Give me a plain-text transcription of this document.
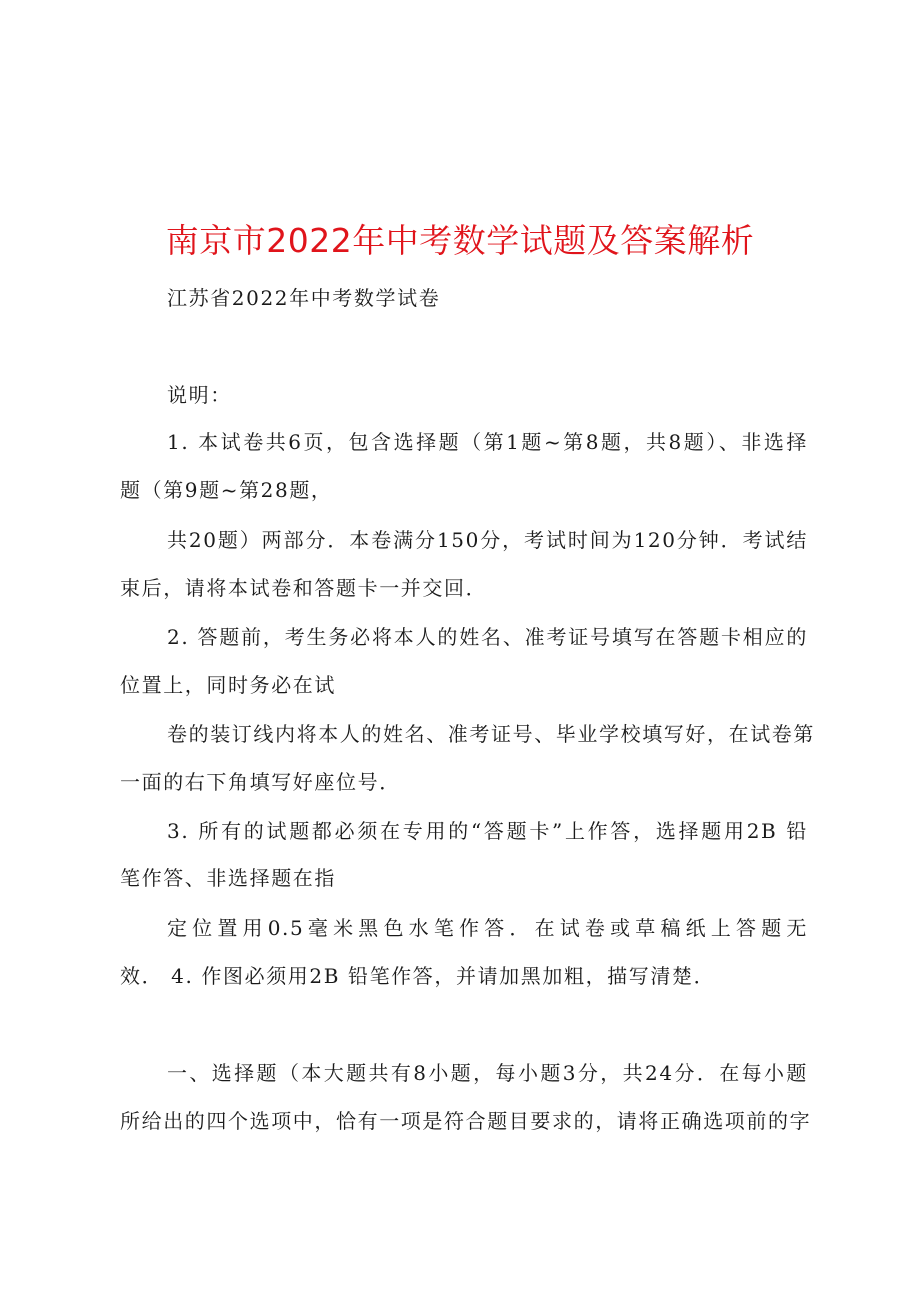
南京市2022年中考数学试题及答案解析
江苏省2022年中考数学试卷
说明：
1. 本试卷共6页，包含选择题（第1题~第8题，共8题）、非选择
题（第9题~第28题，
共20题）两部分．本卷满分150分，考试时间为120分钟．考试结
束后，请将本试卷和答题卡一并交回．
2. 答题前，考生务必将本人的姓名、准考证号填写在答题卡相应的
位置上，同时务必在试
卷的装订线内将本人的姓名、准考证号、毕业学校填写好，在试卷第
一面的右下角填写好座位号．
3. 所有的试题都必须在专用的“答题卡”上作答，选择题用2B 铅
笔作答、非选择题在指
定位置用0.5毫米黑色水笔作答．在试卷或草稿纸上答题无
效． 4. 作图必须用2B 铅笔作答，并请加黑加粗，描写清楚．
一、选择题（本大题共有8小题，每小题3分，共24分．在每小题
所给出的四个选项中，恰有一项是符合题目要求的，请将正确选项前的字
